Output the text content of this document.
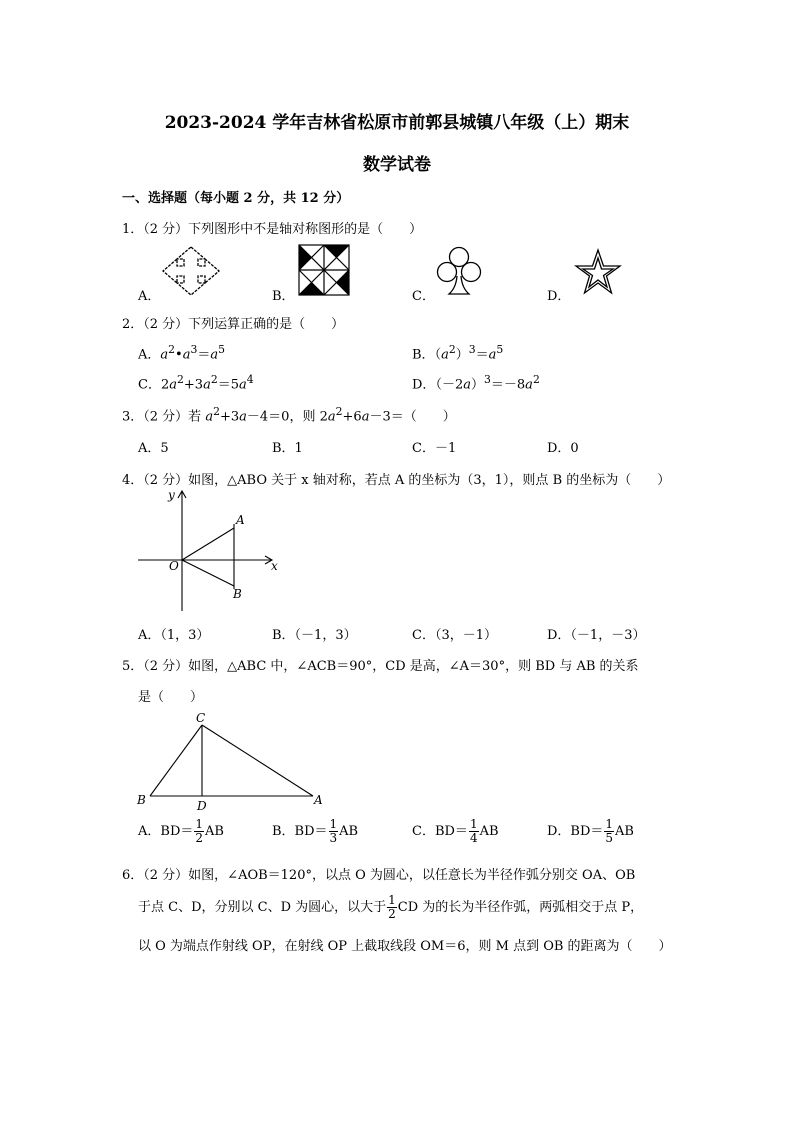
2023-2024 学年吉林省松原市前郭县城镇八年级（上）期末
数学试卷
一、选择题（每小题 2 分，共 12 分）
1．（2 分）下列图形中不是轴对称图形的是（　　）
A．	B．	C．	D．
2．（2 分）下列运算正确的是（　　）
A．$a^2•a^3=a^5$	B．$(a^2)^3=a^5$
C．$2a^2+3a^2=5a^4$	D．$(-2a)^3=-8a^2$
3．（2 分）若 $a^2+3a-4=0$，则 $2a^2+6a-3=$（　　）
A．5	B．1	C．－1	D．0
4．（2 分）如图，△ABO 关于 x 轴对称，若点 A 的坐标为（3，1），则点 B 的坐标为（　　）
y
x
O
A
B
A．（1，3）	B．（－1，3）	C．（3，－1）	D．（－1，－3）
5．（2 分）如图，△ABC 中，∠ACB＝90°，CD 是高，∠A＝30°，则 BD 与 AB 的关系
是（　　）
C
B	D	A
A．$BD= \frac{1}{2}$ AB	B．$BD= \frac{1}{3}$ AB	C．$BD= \frac{1}{4}$ AB	D．$BD= \frac{1}{5}$ AB
6．（2 分）如图，∠AOB＝120°，以点 O 为圆心，以任意长为半径作弧分别交 OA、OB
于点 C、D，分别以 C、D 为圆心，以大于 $\frac{1}{2}$ CD 为的长为半径作弧，两弧相交于点 P，
以 O 为端点作射线 OP，在射线 OP 上截取线段 OM＝6，则 M 点到 OB 的距离为（　　）
